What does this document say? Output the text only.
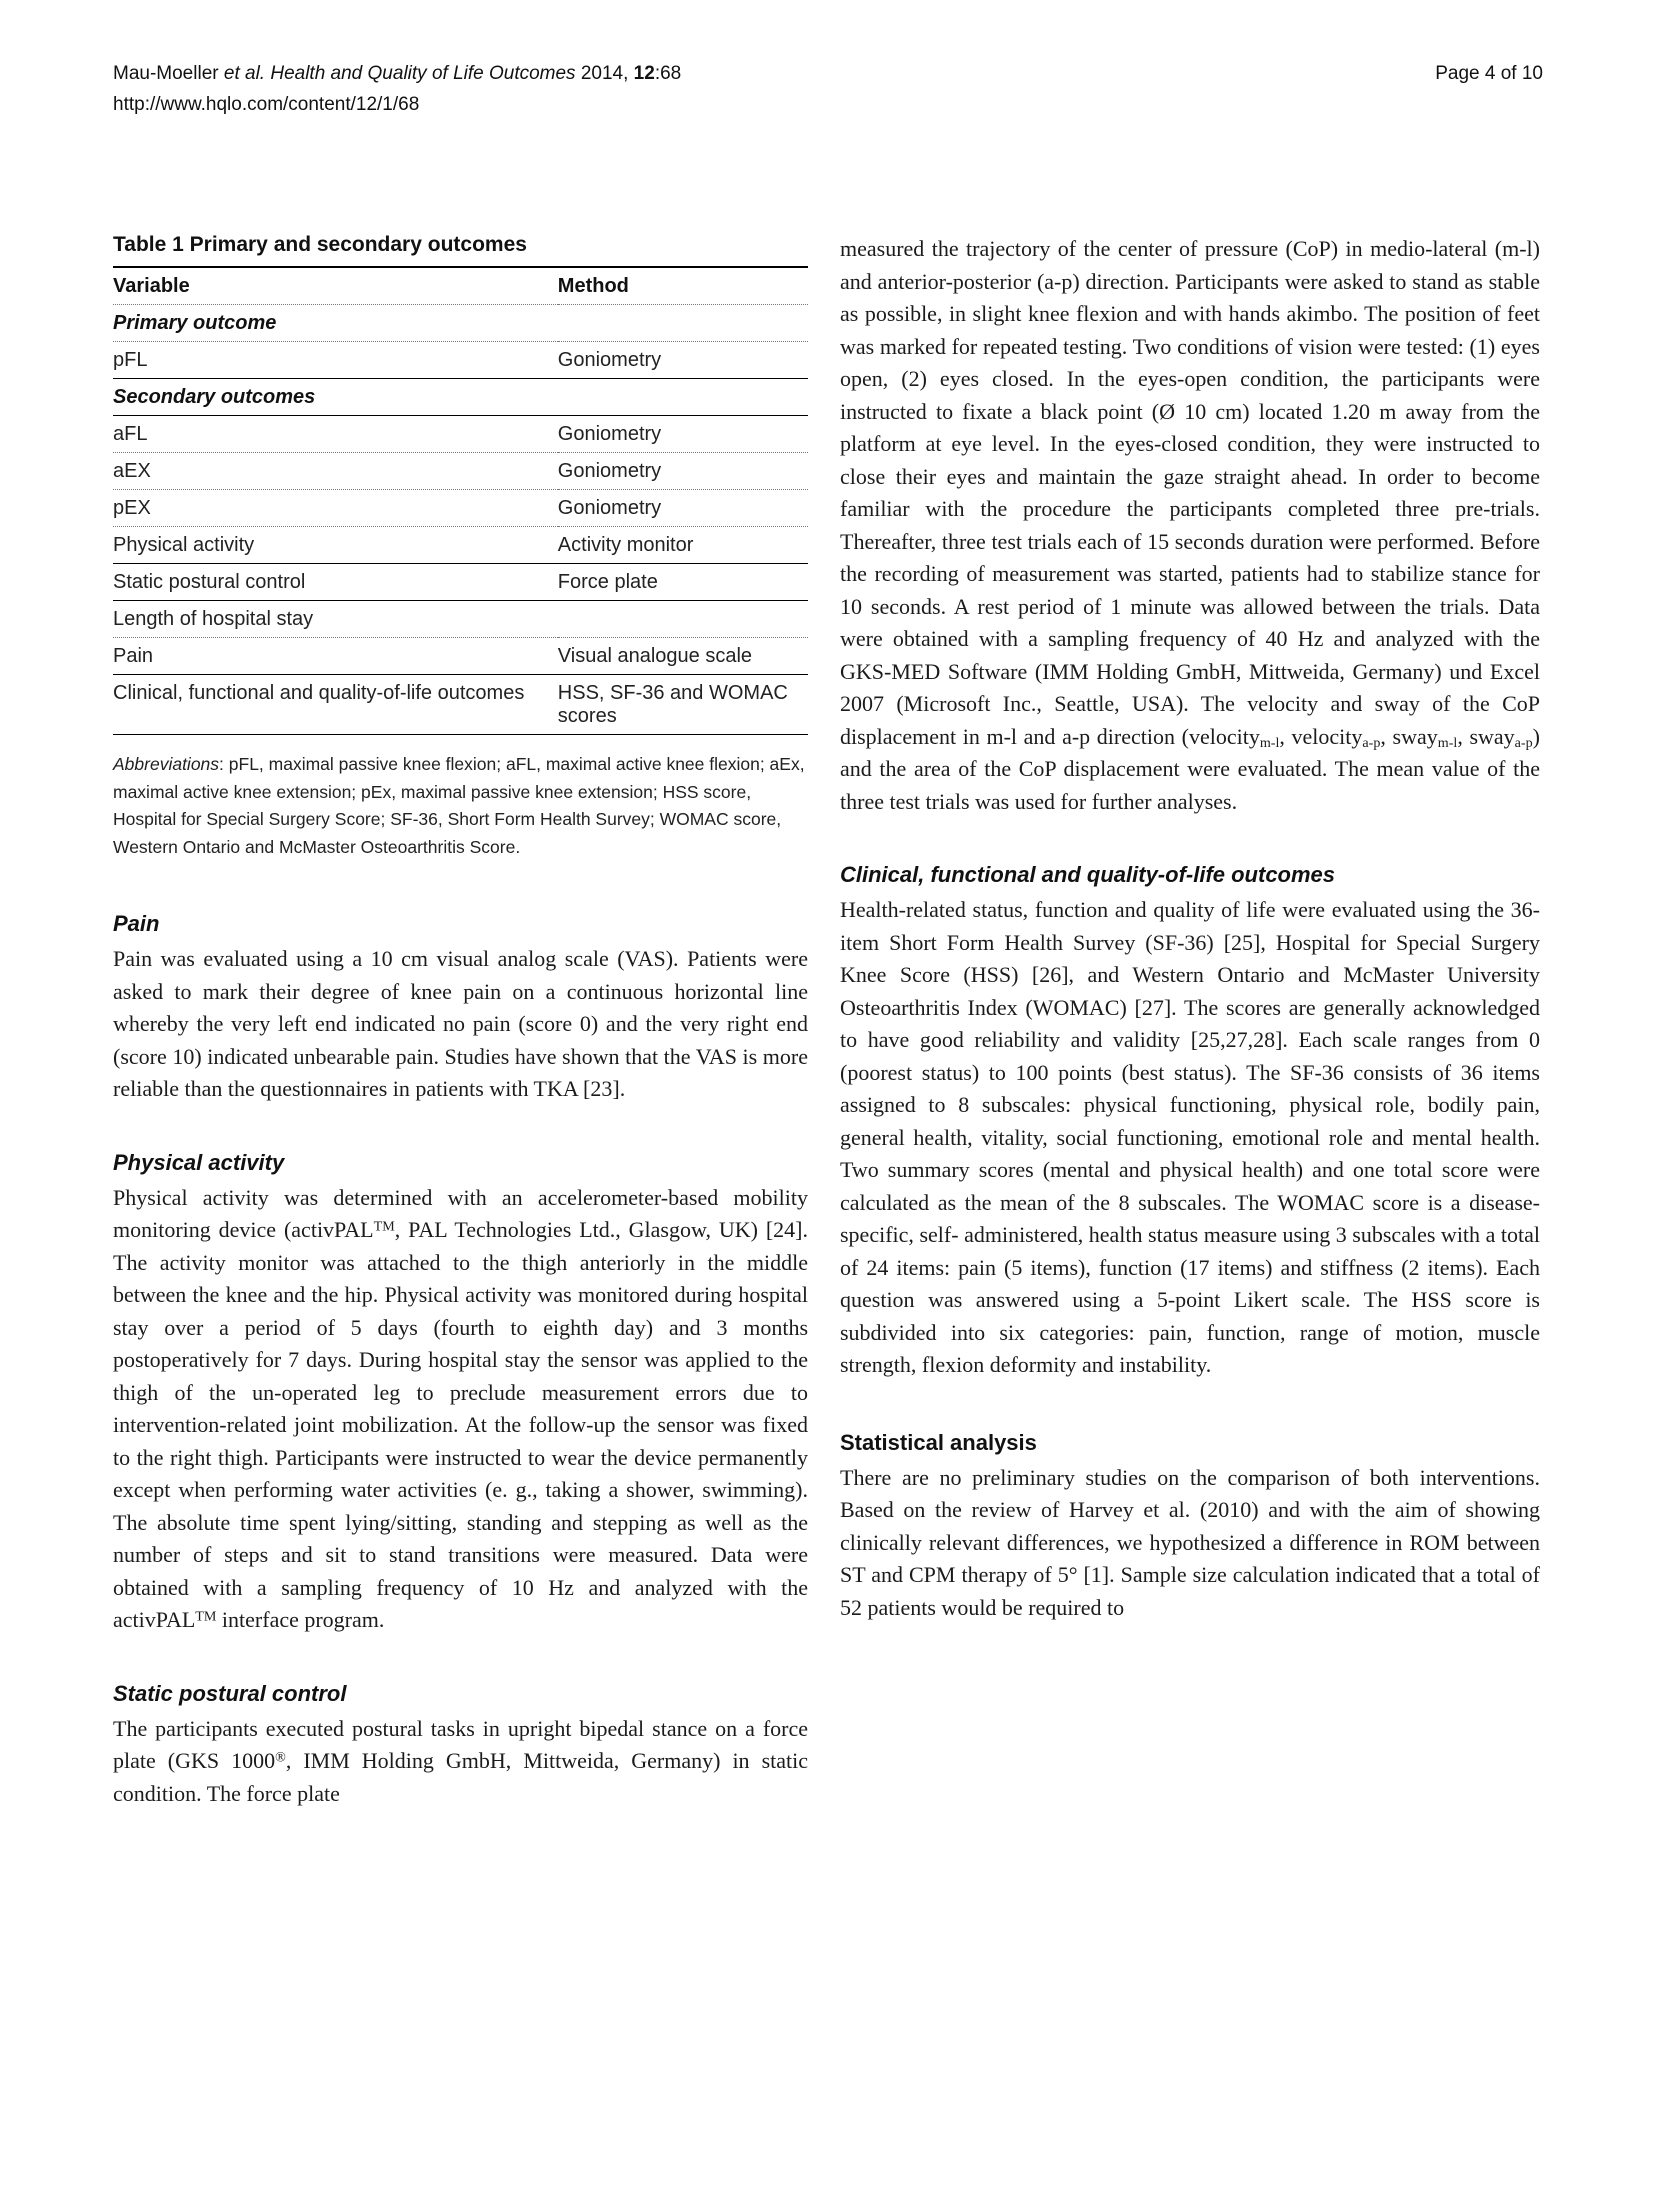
Mau-Moeller et al. Health and Quality of Life Outcomes 2014, 12:68
http://www.hqlo.com/content/12/1/68
Page 4 of 10
Table 1 Primary and secondary outcomes
Variable	Method
Primary outcome	
pFL	Goniometry
Secondary outcomes	
aFL	Goniometry
aEX	Goniometry
pEX	Goniometry
Physical activity	Activity monitor
Static postural control	Force plate
Length of hospital stay	
Pain	Visual analogue scale
Clinical, functional and quality-of-life outcomes	HSS, SF-36 and WOMAC scores
Abbreviations: pFL, maximal passive knee flexion; aFL, maximal active knee flexion; aEx, maximal active knee extension; pEx, maximal passive knee extension; HSS score, Hospital for Special Surgery Score; SF-36, Short Form Health Survey; WOMAC score, Western Ontario and McMaster Osteoarthritis Score.
Pain

Pain was evaluated using a 10 cm visual analog scale (VAS). Patients were asked to mark their degree of knee pain on a continuous horizontal line whereby the very left end indicated no pain (score 0) and the very right end (score 10) indicated unbearable pain. Studies have shown that the VAS is more reliable than the questionnaires in patients with TKA [23].

Physical activity

Physical activity was determined with an accelerometer-based mobility monitoring device (activPAL™, PAL Technologies Ltd., Glasgow, UK) [24]. The activity monitor was attached to the thigh anteriorly in the middle between the knee and the hip. Physical activity was monitored during hospital stay over a period of 5 days (fourth to eighth day) and 3 months postoperatively for 7 days. During hospital stay the sensor was applied to the thigh of the un-operated leg to preclude measurement errors due to intervention-related joint mobilization. At the follow-up the sensor was fixed to the right thigh. Participants were instructed to wear the device permanently except when performing water activities (e. g., taking a shower, swimming). The absolute time spent lying/sitting, standing and stepping as well as the number of steps and sit to stand transitions were measured. Data were obtained with a sampling frequency of 10 Hz and analyzed with the activPAL™ interface program.

Static postural control

The participants executed postural tasks in upright bipedal stance on a force plate (GKS 1000®, IMM Holding GmbH, Mittweida, Germany) in static condition. The force plate

measured the trajectory of the center of pressure (CoP) in medio-lateral (m-l) and anterior-posterior (a-p) direction. Participants were asked to stand as stable as possible, in slight knee flexion and with hands akimbo. The position of feet was marked for repeated testing. Two conditions of vision were tested: (1) eyes open, (2) eyes closed. In the eyes-open condition, the participants were instructed to fixate a black point (Ø 10 cm) located 1.20 m away from the platform at eye level. In the eyes-closed condition, they were instructed to close their eyes and maintain the gaze straight ahead. In order to become familiar with the procedure the participants completed three pre-trials. Thereafter, three test trials each of 15 seconds duration were performed. Before the recording of measurement was started, patients had to stabilize stance for 10 seconds. A rest period of 1 minute was allowed between the trials. Data were obtained with a sampling frequency of 40 Hz and analyzed with the GKS-MED Software (IMM Holding GmbH, Mittweida, Germany) und Excel 2007 (Microsoft Inc., Seattle, USA). The velocity and sway of the CoP displacement in m-l and a-p direction (velocity$_{m-l}$, velocity$_{a-p}$, sway$_{m-l}$, sway$_{a-p}$) and the area of the CoP displacement were evaluated. The mean value of the three test trials was used for further analyses.

Clinical, functional and quality-of-life outcomes

Health-related status, function and quality of life were evaluated using the 36-item Short Form Health Survey (SF-36) [25], Hospital for Special Surgery Knee Score (HSS) [26], and Western Ontario and McMaster University Osteoarthritis Index (WOMAC) [27]. The scores are generally acknowledged to have good reliability and validity [25,27,28]. Each scale ranges from 0 (poorest status) to 100 points (best status). The SF-36 consists of 36 items assigned to 8 subscales: physical functioning, physical role, bodily pain, general health, vitality, social functioning, emotional role and mental health. Two summary scores (mental and physical health) and one total score were calculated as the mean of the 8 subscales. The WOMAC score is a disease-specific, self- administered, health status measure using 3 subscales with a total of 24 items: pain (5 items), function (17 items) and stiffness (2 items). Each question was answered using a 5-point Likert scale. The HSS score is subdivided into six categories: pain, function, range of motion, muscle strength, flexion deformity and instability.

Statistical analysis

There are no preliminary studies on the comparison of both interventions. Based on the review of Harvey et al. (2010) and with the aim of showing clinically relevant differences, we hypothesized a difference in ROM between ST and CPM therapy of 5° [1]. Sample size calculation indicated that a total of 52 patients would be required to
